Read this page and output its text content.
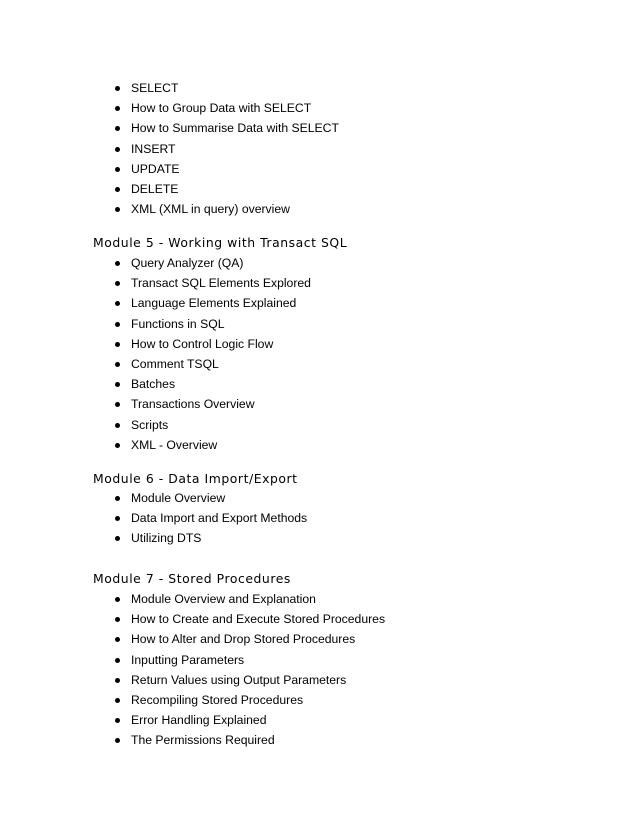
SELECT
How to Group Data with SELECT
How to Summarise Data with SELECT
INSERT
UPDATE
DELETE
XML (XML in query) overview
Module 5 - Working with Transact SQL
Query Analyzer (QA)
Transact SQL Elements Explored
Language Elements Explained
Functions in SQL
How to Control Logic Flow
Comment TSQL
Batches
Transactions Overview
Scripts
XML - Overview
Module 6 - Data Import/Export
Module Overview
Data Import and Export Methods
Utilizing DTS
Module 7 - Stored Procedures
Module Overview and Explanation
How to Create and Execute Stored Procedures
How to Alter and Drop Stored Procedures
Inputting Parameters
Return Values using Output Parameters
Recompiling Stored Procedures
Error Handling Explained
The Permissions Required
